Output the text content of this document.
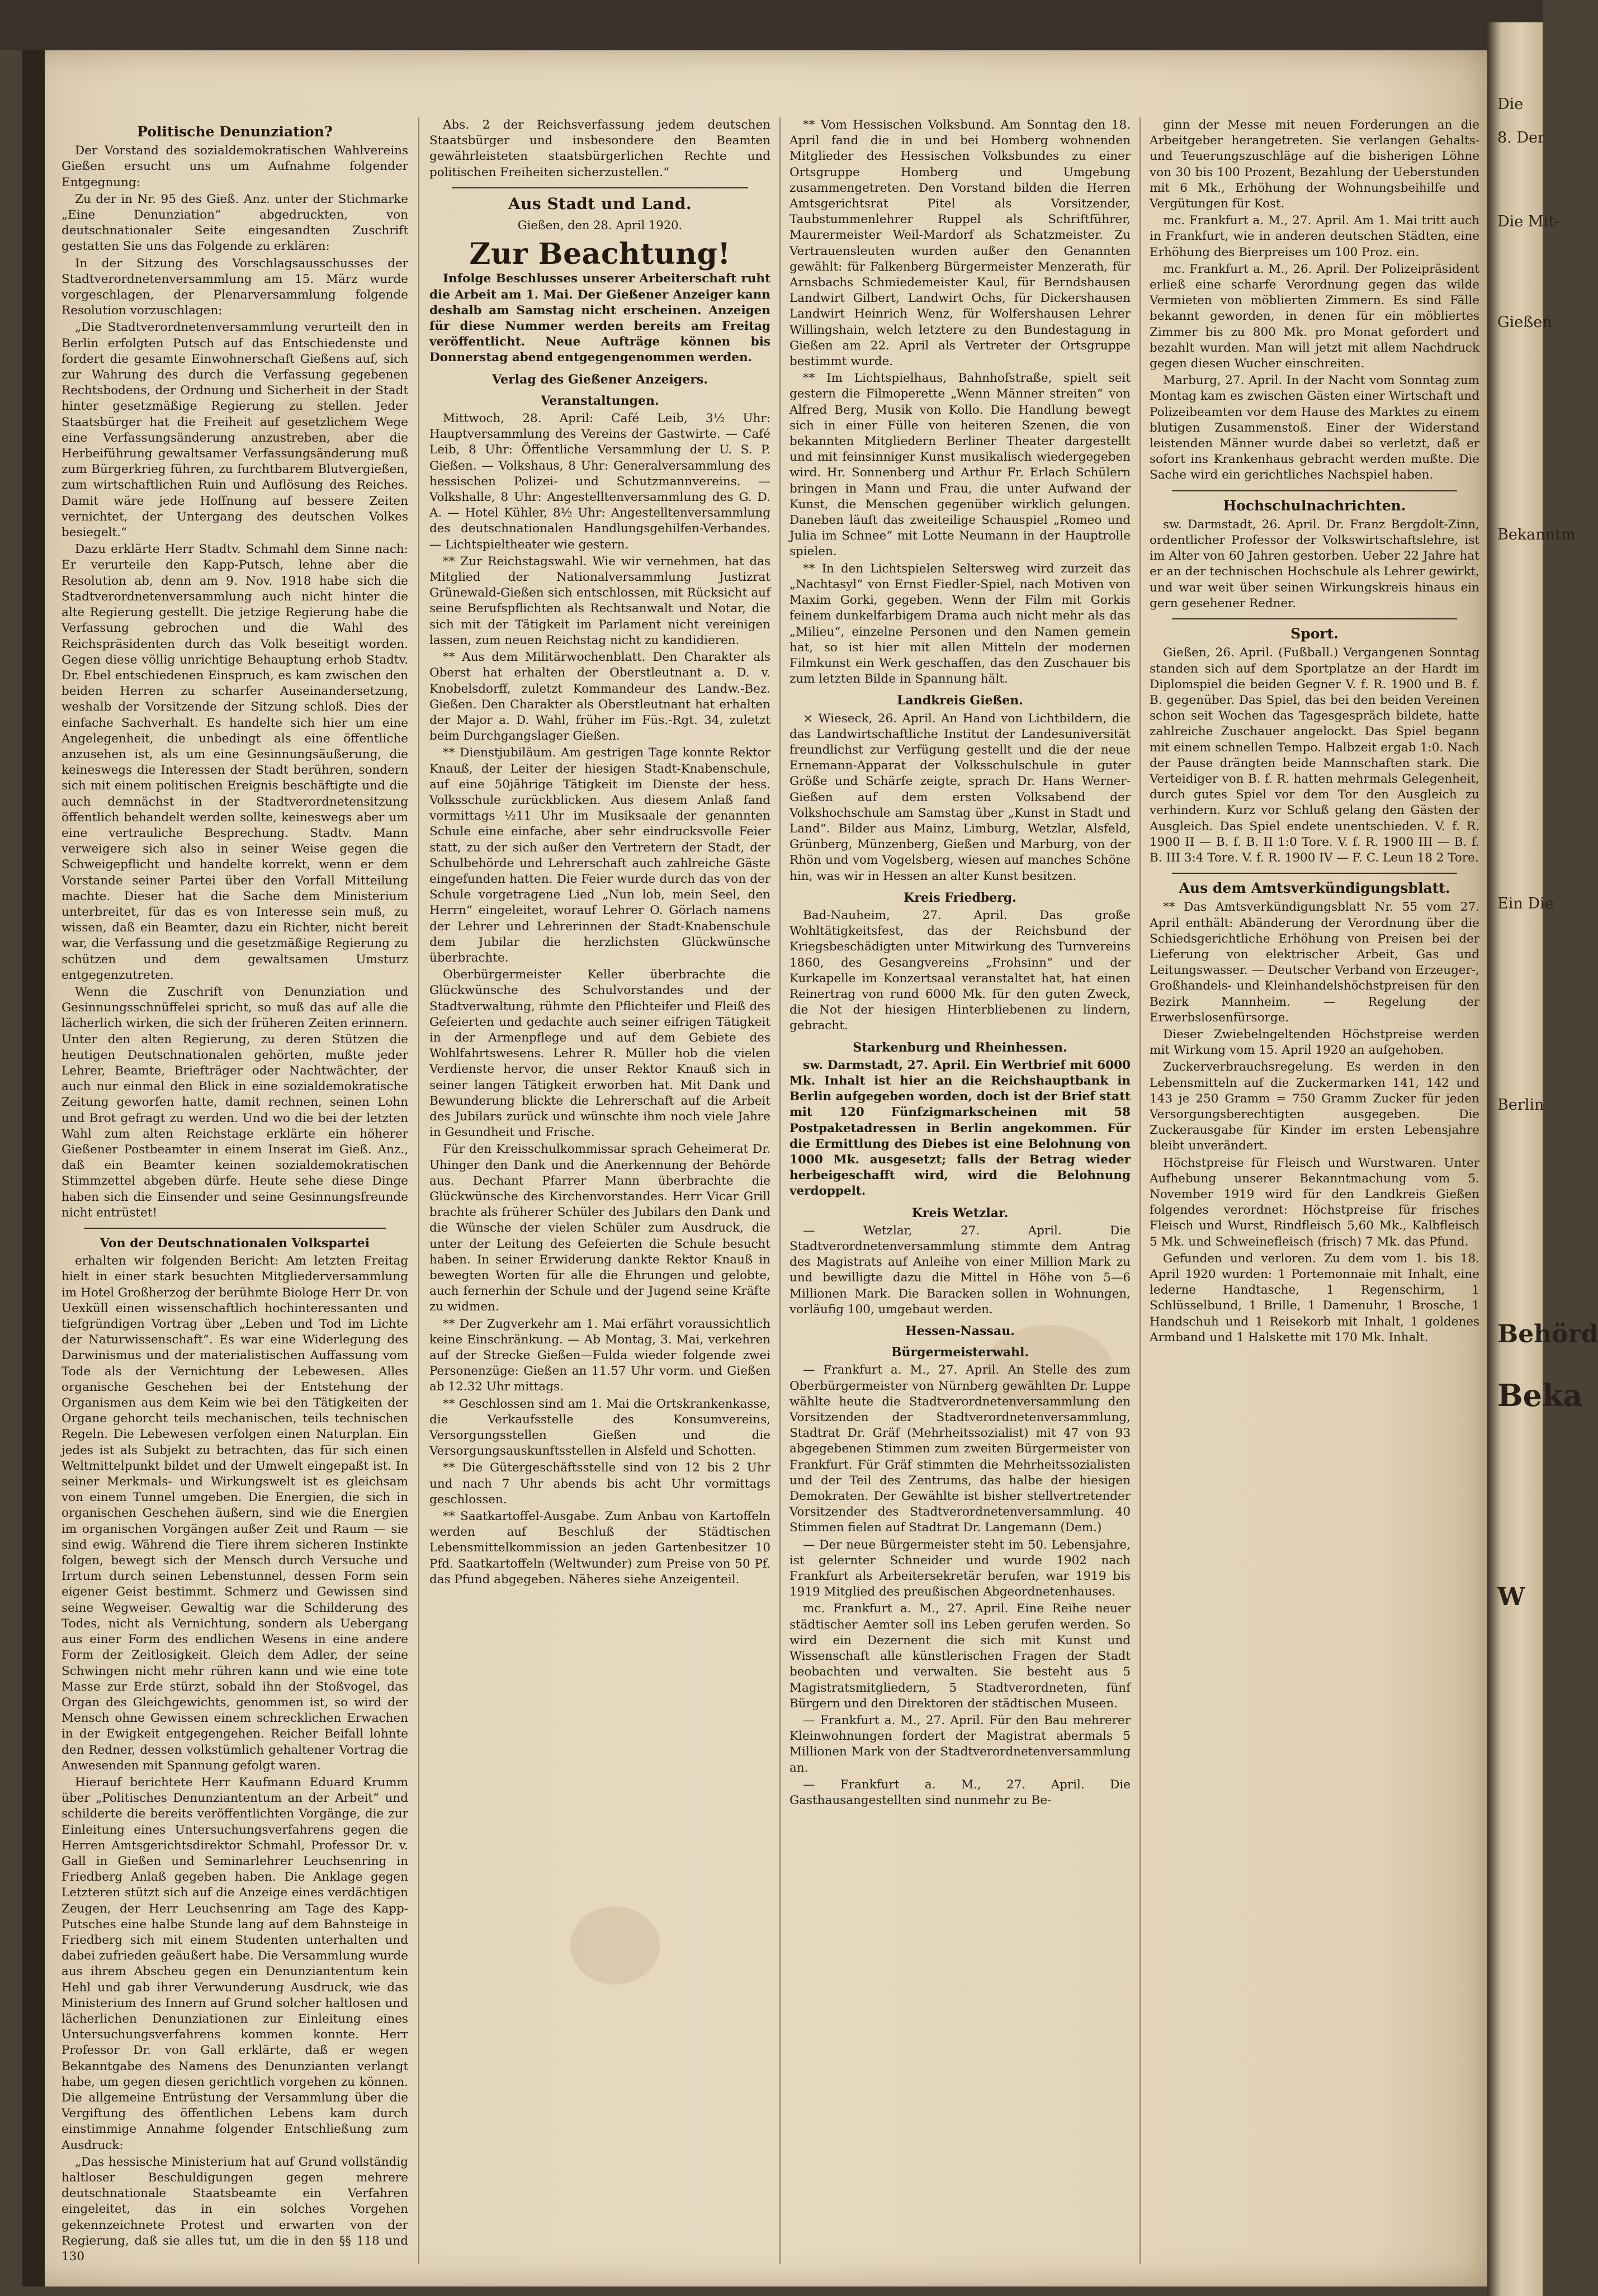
Politische Denunziation?

Der Vorstand des sozialdemokratischen Wahlvereins Gießen ersucht uns um Aufnahme folgender Entgegnung:

Zu der in Nr. 95 des Gieß. Anz. unter der Stichmarke „Eine Denunziation“ abgedruckten, von deutschnationaler Seite eingesandten Zuschrift gestatten Sie uns das Folgende zu erklären:

In der Sitzung des Vorschlagsausschusses der Stadtverordnetenversammlung am 15. März wurde vorgeschlagen, der Plenarversammlung folgende Resolution vorzuschlagen:

„Die Stadtverordnetenversammlung verurteilt den in Berlin erfolgten Putsch auf das Entschiedenste und fordert die gesamte Einwohnerschaft Gießens auf, sich zur Wahrung des durch die Verfassung gegebenen Rechtsbodens, der Ordnung und Sicherheit in der Stadt hinter gesetzmäßige Regierung zu stellen. Jeder Staatsbürger hat die Freiheit auf gesetzlichem Wege eine Verfassungsänderung anzustreben, aber die Herbeiführung gewaltsamer Verfassungsänderung muß zum Bürgerkrieg führen, zu furchtbarem Blutvergießen, zum wirtschaftlichen Ruin und Auflösung des Reiches. Damit wäre jede Hoffnung auf bessere Zeiten vernichtet, der Untergang des deutschen Volkes besiegelt.“

Dazu erklärte Herr Stadtv. Schmahl dem Sinne nach: Er verurteile den Kapp-Putsch, lehne aber die Resolution ab, denn am 9. Nov. 1918 habe sich die Stadtverordnetenversammlung auch nicht hinter die alte Regierung gestellt. Die jetzige Regierung habe die Verfassung gebrochen und die Wahl des Reichspräsidenten durch das Volk beseitigt worden. Gegen diese völlig unrichtige Behauptung erhob Stadtv. Dr. Ebel entschiedenen Einspruch, es kam zwischen den beiden Herren zu scharfer Auseinandersetzung, weshalb der Vorsitzende der Sitzung schloß. Dies der einfache Sachverhalt. Es handelte sich hier um eine Angelegenheit, die unbedingt als eine öffentliche anzusehen ist, als um eine Gesinnungsäußerung, die keineswegs die Interessen der Stadt berühren, sondern sich mit einem politischen Ereignis beschäftigte und die auch demnächst in der Stadtverordnetensitzung öffentlich behandelt werden sollte, keineswegs aber um eine vertrauliche Besprechung. Stadtv. Mann verweigere sich also in seiner Weise gegen die Schweigepflicht und handelte korrekt, wenn er dem Vorstande seiner Partei über den Vorfall Mitteilung machte. Dieser hat die Sache dem Ministerium unterbreitet, für das es von Interesse sein muß, zu wissen, daß ein Beamter, dazu ein Richter, nicht bereit war, die Verfassung und die gesetzmäßige Regierung zu schützen und dem gewaltsamen Umsturz entgegenzutreten.

Wenn die Zuschrift von Denunziation und Gesinnungsschnüffelei spricht, so muß das auf alle die lächerlich wirken, die sich der früheren Zeiten erinnern. Unter den alten Regierung, zu deren Stützen die heutigen Deutschnationalen gehörten, mußte jeder Lehrer, Beamte, Briefträger oder Nachtwächter, der auch nur einmal den Blick in eine sozialdemokratische Zeitung geworfen hatte, damit rechnen, seinen Lohn und Brot gefragt zu werden. Und wo die bei der letzten Wahl zum alten Reichstage erklärte ein höherer Gießener Postbeamter in einem Inserat im Gieß. Anz., daß ein Beamter keinen sozialdemokratischen Stimmzettel abgeben dürfe. Heute sehe diese Dinge haben sich die Einsender und seine Gesinnungsfreunde nicht entrüstet!

Von der Deutschnationalen Volkspartei

erhalten wir folgenden Bericht: Am letzten Freitag hielt in einer stark besuchten Mitgliederversammlung im Hotel Großherzog der berühmte Biologe Herr Dr. von Uexküll einen wissenschaftlich hochinteressanten und tiefgründigen Vortrag über „Leben und Tod im Lichte der Naturwissenschaft“. Es war eine Widerlegung des Darwinismus und der materialistischen Auffassung vom Tode als der Vernichtung der Lebewesen. Alles organische Geschehen bei der Entstehung der Organismen aus dem Keim wie bei den Tätigkeiten der Organe gehorcht teils mechanischen, teils technischen Regeln. Die Lebewesen verfolgen einen Naturplan. Ein jedes ist als Subjekt zu betrachten, das für sich einen Weltmittelpunkt bildet und der Umwelt eingepaßt ist. In seiner Merkmals- und Wirkungswelt ist es gleichsam von einem Tunnel umgeben. Die Energien, die sich in organischen Geschehen äußern, sind wie die Energien im organischen Vorgängen außer Zeit und Raum — sie sind ewig. Während die Tiere ihrem sicheren Instinkte folgen, bewegt sich der Mensch durch Versuche und Irrtum durch seinen Lebenstunnel, dessen Form sein eigener Geist bestimmt. Schmerz und Gewissen sind seine Wegweiser. Gewaltig war die Schilderung des Todes, nicht als Vernichtung, sondern als Uebergang aus einer Form des endlichen Wesens in eine andere Form der Zeitlosigkeit. Gleich dem Adler, der seine Schwingen nicht mehr rühren kann und wie eine tote Masse zur Erde stürzt, sobald ihn der Stoßvogel, das Organ des Gleichgewichts, genommen ist, so wird der Mensch ohne Gewissen einem schrecklichen Erwachen in der Ewigkeit entgegengehen. Reicher Beifall lohnte den Redner, dessen volkstümlich gehaltener Vortrag die Anwesenden mit Spannung gefolgt waren.

Hierauf berichtete Herr Kaufmann Eduard Krumm über „Politisches Denunziantentum an der Arbeit“ und schilderte die bereits veröffentlichten Vorgänge, die zur Einleitung eines Untersuchungsverfahrens gegen die Herren Amtsgerichtsdirektor Schmahl, Professor Dr. v. Gall in Gießen und Seminarlehrer Leuchsenring in Friedberg Anlaß gegeben haben. Die Anklage gegen Letzteren stützt sich auf die Anzeige eines verdächtigen Zeugen, der Herr Leuchsenring am Tage des Kapp-Putsches eine halbe Stunde lang auf dem Bahnsteige in Friedberg sich mit einem Studenten unterhalten und dabei zufrieden geäußert habe. Die Versammlung wurde aus ihrem Abscheu gegen ein Denunziantentum kein Hehl und gab ihrer Verwunderung Ausdruck, wie das Ministerium des Innern auf Grund solcher haltlosen und lächerlichen Denunziationen zur Einleitung eines Untersuchungsverfahrens kommen konnte. Herr Professor Dr. von Gall erklärte, daß er wegen Bekanntgabe des Namens des Denunzianten verlangt habe, um gegen diesen gerichtlich vorgehen zu können. Die allgemeine Entrüstung der Versammlung über die Vergiftung des öffentlichen Lebens kam durch einstimmige Annahme folgender Entschließung zum Ausdruck:

„Das hessische Ministerium hat auf Grund vollständig haltloser Beschuldigungen gegen mehrere deutschnationale Staatsbeamte ein Verfahren eingeleitet, das in ein solches Vorgehen gekennzeichnete Protest und erwarten von der Regierung, daß sie alles tut, um die in den §§ 118 und 130

Abs. 2 der Reichsverfassung jedem deutschen Staatsbürger und insbesondere den Beamten gewährleisteten staatsbürgerlichen Rechte und politischen Freiheiten sicherzustellen.“

Aus Stadt und Land.
Gießen, den 28. April 1920.
Zur Beachtung!

Infolge Beschlusses unserer Arbeiterschaft ruht die Arbeit am 1. Mai. Der Gießener Anzeiger kann deshalb am Samstag nicht erscheinen. Anzeigen für diese Nummer werden bereits am Freitag veröffentlicht. Neue Aufträge können bis Donnerstag abend entgegengenommen werden.

Verlag des Gießener Anzeigers.
Veranstaltungen.

Mittwoch, 28. April: Café Leib, 3½ Uhr: Hauptversammlung des Vereins der Gastwirte. — Café Leib, 8 Uhr: Öffentliche Versammlung der U. S. P. Gießen. — Volkshaus, 8 Uhr: Generalversammlung des hessischen Polizei- und Schutzmannvereins. — Volkshalle, 8 Uhr: Angestelltenversammlung des G. D. A. — Hotel Kühler, 8½ Uhr: Angestelltenversammlung des deutschnationalen Handlungsgehilfen-Verbandes. — Lichtspieltheater wie gestern.

** Zur Reichstagswahl. Wie wir vernehmen, hat das Mitglied der Nationalversammlung Justizrat Grünewald-Gießen sich entschlossen, mit Rücksicht auf seine Berufspflichten als Rechtsanwalt und Notar, die sich mit der Tätigkeit im Parlament nicht vereinigen lassen, zum neuen Reichstag nicht zu kandidieren.

** Aus dem Militärwochenblatt. Den Charakter als Oberst hat erhalten der Oberstleutnant a. D. v. Knobelsdorff, zuletzt Kommandeur des Landw.-Bez. Gießen. Den Charakter als Oberstleutnant hat erhalten der Major a. D. Wahl, früher im Füs.-Rgt. 34, zuletzt beim Durchgangslager Gießen.

** Dienstjubiläum. Am gestrigen Tage konnte Rektor Knauß, der Leiter der hiesigen Stadt-Knabenschule, auf eine 50jährige Tätigkeit im Dienste der hess. Volksschule zurückblicken. Aus diesem Anlaß fand vormittags ½11 Uhr im Musiksaale der genannten Schule eine einfache, aber sehr eindrucksvolle Feier statt, zu der sich außer den Vertretern der Stadt, der Schulbehörde und Lehrerschaft auch zahlreiche Gäste eingefunden hatten. Die Feier wurde durch das von der Schule vorgetragene Lied „Nun lob, mein Seel, den Herrn“ eingeleitet, worauf Lehrer O. Görlach namens der Lehrer und Lehrerinnen der Stadt-Knabenschule dem Jubilar die herzlichsten Glückwünsche überbrachte.

Oberbürgermeister Keller überbrachte die Glückwünsche des Schulvorstandes und der Stadtverwaltung, rühmte den Pflichteifer und Fleiß des Gefeierten und gedachte auch seiner eifrigen Tätigkeit in der Armenpflege und auf dem Gebiete des Wohlfahrtswesens. Lehrer R. Müller hob die vielen Verdienste hervor, die unser Rektor Knauß sich in seiner langen Tätigkeit erworben hat. Mit Dank und Bewunderung blickte die Lehrerschaft auf die Arbeit des Jubilars zurück und wünschte ihm noch viele Jahre in Gesundheit und Frische.

Für den Kreisschulkommissar sprach Geheimerat Dr. Uhinger den Dank und die Anerkennung der Behörde aus. Dechant Pfarrer Mann überbrachte die Glückwünsche des Kirchenvorstandes. Herr Vicar Grill brachte als früherer Schüler des Jubilars den Dank und die Wünsche der vielen Schüler zum Ausdruck, die unter der Leitung des Gefeierten die Schule besucht haben. In seiner Erwiderung dankte Rektor Knauß in bewegten Worten für alle die Ehrungen und gelobte, auch fernerhin der Schule und der Jugend seine Kräfte zu widmen.

** Der Zugverkehr am 1. Mai erfährt voraussichtlich keine Einschränkung. — Ab Montag, 3. Mai, verkehren auf der Strecke Gießen—Fulda wieder folgende zwei Personenzüge: Gießen an 11.57 Uhr vorm. und Gießen ab 12.32 Uhr mittags.

** Geschlossen sind am 1. Mai die Ortskrankenkasse, die Verkaufsstelle des Konsumvereins, Versorgungsstellen Gießen und die Versorgungsauskunftsstellen in Alsfeld und Schotten.

** Die Gütergeschäftsstelle sind von 12 bis 2 Uhr und nach 7 Uhr abends bis acht Uhr vormittags geschlossen.

** Saatkartoffel-Ausgabe. Zum Anbau von Kartoffeln werden auf Beschluß der Städtischen Lebensmittelkommission an jeden Gartenbesitzer 10 Pfd. Saatkartoffeln (Weltwunder) zum Preise von 50 Pf. das Pfund abgegeben. Näheres siehe Anzeigenteil.

** Vom Hessischen Volksbund. Am Sonntag den 18. April fand die in und bei Homberg wohnenden Mitglieder des Hessischen Volksbundes zu einer Ortsgruppe Homberg und Umgebung zusammengetreten. Den Vorstand bilden die Herren Amtsgerichtsrat Pitel als Vorsitzender, Taubstummenlehrer Ruppel als Schriftführer, Maurermeister Weil-Mardorf als Schatzmeister. Zu Vertrauensleuten wurden außer den Genannten gewählt: für Falkenberg Bürgermeister Menzerath, für Arnsbachs Schmiedemeister Kaul, für Berndshausen Landwirt Gilbert, Landwirt Ochs, für Dickershausen Landwirt Heinrich Wenz, für Wolfershausen Lehrer Willingshain, welch letztere zu den Bundestagung in Gießen am 22. April als Vertreter der Ortsgruppe bestimmt wurde.

** Im Lichtspielhaus, Bahnhofstraße, spielt seit gestern die Filmoperette „Wenn Männer streiten“ von Alfred Berg, Musik von Kollo. Die Handlung bewegt sich in einer Fülle von heiteren Szenen, die von bekannten Mitgliedern Berliner Theater dargestellt und mit feinsinniger Kunst musikalisch wiedergegeben wird. Hr. Sonnenberg und Arthur Fr. Erlach Schülern bringen in Mann und Frau, die unter Aufwand der Kunst, die Menschen gegenüber wirklich gelungen. Daneben läuft das zweiteilige Schauspiel „Romeo und Julia im Schnee“ mit Lotte Neumann in der Hauptrolle spielen.

** In den Lichtspielen Seltersweg wird zurzeit das „Nachtasyl“ von Ernst Fiedler-Spiel, nach Motiven von Maxim Gorki, gegeben. Wenn der Film mit Gorkis feinem dunkelfarbigem Drama auch nicht mehr als das „Milieu“, einzelne Personen und den Namen gemein hat, so ist hier mit allen Mitteln der modernen Filmkunst ein Werk geschaffen, das den Zuschauer bis zum letzten Bilde in Spannung hält.

Landkreis Gießen.

× Wieseck, 26. April. An Hand von Lichtbildern, die das Landwirtschaftliche Institut der Landesuniversität freundlichst zur Verfügung gestellt und die der neue Ernemann-Apparat der Volksschulschule in guter Größe und Schärfe zeigte, sprach Dr. Hans Werner-Gießen auf dem ersten Volksabend der Volkshochschule am Samstag über „Kunst in Stadt und Land“. Bilder aus Mainz, Limburg, Wetzlar, Alsfeld, Grünberg, Münzenberg, Gießen und Marburg, von der Rhön und vom Vogelsberg, wiesen auf manches Schöne hin, was wir in Hessen an alter Kunst besitzen.

Kreis Friedberg.

Bad-Nauheim, 27. April. Das große Wohltätigkeitsfest, das der Reichsbund der Kriegsbeschädigten unter Mitwirkung des Turnvereins 1860, des Gesangvereins „Frohsinn“ und der Kurkapelle im Konzertsaal veranstaltet hat, hat einen Reinertrag von rund 6000 Mk. für den guten Zweck, die Not der hiesigen Hinterbliebenen zu lindern, gebracht.

Starkenburg und Rheinhessen.

sw. Darmstadt, 27. April. Ein Wertbrief mit 6000 Mk. Inhalt ist hier an die Reichshauptbank in Berlin aufgegeben worden, doch ist der Brief statt mit 120 Fünfzigmarkscheinen mit 58 Postpaketadressen in Berlin angekommen. Für die Ermittlung des Diebes ist eine Belohnung von 1000 Mk. ausgesetzt; falls der Betrag wieder herbeigeschafft wird, wird die Belohnung verdoppelt.

Kreis Wetzlar.

— Wetzlar, 27. April. Die Stadtverordnetenversammlung stimmte dem Antrag des Magistrats auf Anleihe von einer Million Mark zu und bewilligte dazu die Mittel in Höhe von 5—6 Millionen Mark. Die Baracken sollen in Wohnungen, vorläufig 100, umgebaut werden.

Hessen-Nassau.
Bürgermeisterwahl.

— Frankfurt a. M., 27. April. An Stelle des zum Oberbürgermeister von Nürnberg gewählten Dr. Luppe wählte heute die Stadtverordnetenversammlung den Vorsitzenden der Stadtverordnetenversammlung, Stadtrat Dr. Gräf (Mehrheitssozialist) mit 47 von 93 abgegebenen Stimmen zum zweiten Bürgermeister von Frankfurt. Für Gräf stimmten die Mehrheitssozialisten und der Teil des Zentrums, das halbe der hiesigen Demokraten. Der Gewählte ist bisher stellvertretender Vorsitzender des Stadtverordnetenversammlung. 40 Stimmen fielen auf Stadtrat Dr. Langemann (Dem.)

— Der neue Bürgermeister steht im 50. Lebensjahre, ist gelernter Schneider und wurde 1902 nach Frankfurt als Arbeitersekretär berufen, war 1919 bis 1919 Mitglied des preußischen Abgeordnetenhauses.

mc. Frankfurt a. M., 27. April. Eine Reihe neuer städtischer Aemter soll ins Leben gerufen werden. So wird ein Dezernent die sich mit Kunst und Wissenschaft alle künstlerischen Fragen der Stadt beobachten und verwalten. Sie besteht aus 5 Magistratsmitgliedern, 5 Stadtverordneten, fünf Bürgern und den Direktoren der städtischen Museen.

— Frankfurt a. M., 27. April. Für den Bau mehrerer Kleinwohnungen fordert der Magistrat abermals 5 Millionen Mark von der Stadtverordnetenversammlung an.

— Frankfurt a. M., 27. April. Die Gasthausangestellten sind nunmehr zu Be-

ginn der Messe mit neuen Forderungen an die Arbeitgeber herangetreten. Sie verlangen Gehalts- und Teuerungszuschläge auf die bisherigen Löhne von 30 bis 100 Prozent, Bezahlung der Ueberstunden mit 6 Mk., Erhöhung der Wohnungsbeihilfe und Vergütungen für Kost.

mc. Frankfurt a. M., 27. April. Am 1. Mai tritt auch in Frankfurt, wie in anderen deutschen Städten, eine Erhöhung des Bierpreises um 100 Proz. ein.

mc. Frankfurt a. M., 26. April. Der Polizeipräsident erließ eine scharfe Verordnung gegen das wilde Vermieten von möblierten Zimmern. Es sind Fälle bekannt geworden, in denen für ein möbliertes Zimmer bis zu 800 Mk. pro Monat gefordert und bezahlt wurden. Man will jetzt mit allem Nachdruck gegen diesen Wucher einschreiten.

Marburg, 27. April. In der Nacht vom Sonntag zum Montag kam es zwischen Gästen einer Wirtschaft und Polizeibeamten vor dem Hause des Marktes zu einem blutigen Zusammenstoß. Einer der Widerstand leistenden Männer wurde dabei so verletzt, daß er sofort ins Krankenhaus gebracht werden mußte. Die Sache wird ein gerichtliches Nachspiel haben.

Hochschulnachrichten.

sw. Darmstadt, 26. April. Dr. Franz Bergdolt-Zinn, ordentlicher Professor der Volkswirtschaftslehre, ist im Alter von 60 Jahren gestorben. Ueber 22 Jahre hat er an der technischen Hochschule als Lehrer gewirkt, und war weit über seinen Wirkungskreis hinaus ein gern gesehener Redner.

Sport.

Gießen, 26. April. (Fußball.) Vergangenen Sonntag standen sich auf dem Sportplatze an der Hardt im Diplomspiel die beiden Gegner V. f. R. 1900 und B. f. B. gegenüber. Das Spiel, das bei den beiden Vereinen schon seit Wochen das Tagesgespräch bildete, hatte zahlreiche Zuschauer angelockt. Das Spiel begann mit einem schnellen Tempo. Halbzeit ergab 1:0. Nach der Pause drängten beide Mannschaften stark. Die Verteidiger von B. f. R. hatten mehrmals Gelegenheit, durch gutes Spiel vor dem Tor den Ausgleich zu verhindern. Kurz vor Schluß gelang den Gästen der Ausgleich. Das Spiel endete unentschieden. V. f. R. 1900 II — B. f. B. II 1:0 Tore. V. f. R. 1900 III — B. f. B. III 3:4 Tore. V. f. R. 1900 IV — F. C. Leun 18 2 Tore.

Aus dem Amtsverkündigungsblatt.

** Das Amtsverkündigungsblatt Nr. 55 vom 27. April enthält: Abänderung der Verordnung über die Schiedsgerichtliche Erhöhung von Preisen bei der Lieferung von elektrischer Arbeit, Gas und Leitungswasser. — Deutscher Verband von Erzeuger-, Großhandels- und Kleinhandelshöchstpreisen für den Bezirk Mannheim. — Regelung der Erwerbslosenfürsorge.

Dieser Zwiebelngeltenden Höchstpreise werden mit Wirkung vom 15. April 1920 an aufgehoben.

Zuckerverbrauchsregelung. Es werden in den Lebensmitteln auf die Zuckermarken 141, 142 und 143 je 250 Gramm = 750 Gramm Zucker für jeden Versorgungsberechtigten ausgegeben. Die Zuckerausgabe für Kinder im ersten Lebensjahre bleibt unverändert.

Höchstpreise für Fleisch und Wurstwaren. Unter Aufhebung unserer Bekanntmachung vom 5. November 1919 wird für den Landkreis Gießen folgendes verordnet: Höchstpreise für frisches Fleisch und Wurst, Rindfleisch 5,60 Mk., Kalbfleisch 5 Mk. und Schweinefleisch (frisch) 7 Mk. das Pfund.

Gefunden und verloren. Zu dem vom 1. bis 18. April 1920 wurden: 1 Portemonnaie mit Inhalt, eine lederne Handtasche, 1 Regenschirm, 1 Schlüsselbund, 1 Brille, 1 Damenuhr, 1 Brosche, 1 Handschuh und 1 Reisekorb mit Inhalt, 1 goldenes Armband und 1 Halskette mit 170 Mk. Inhalt.

Die
8. Der
Die Mit-
Gießen
Bekanntm
Ein Die
Berlin
Behörd
Beka
W
